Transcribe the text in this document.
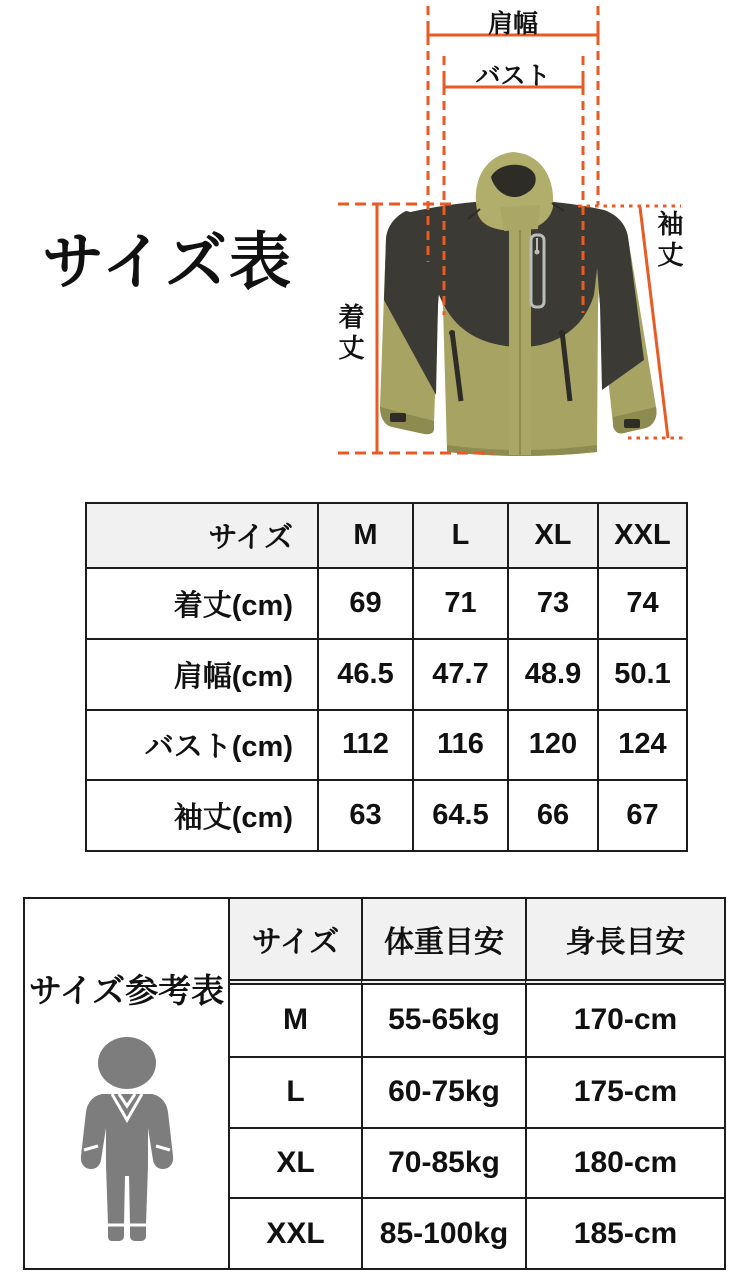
サイズ表
肩幅
バスト
着丈
袖丈
サイズ	M	L	XL	XXL
着丈(cm)	69	71	73	74
肩幅(cm)	46.5	47.7	48.9	50.1
バスト(cm)	112	116	120	124
袖丈(cm)	63	64.5	66	67
サイズ参考表
サイズ	体重目安	身長目安
M	55-65kg	170-cm
L	60-75kg	175-cm
XL	70-85kg	180-cm
XXL	85-100kg	185-cm
